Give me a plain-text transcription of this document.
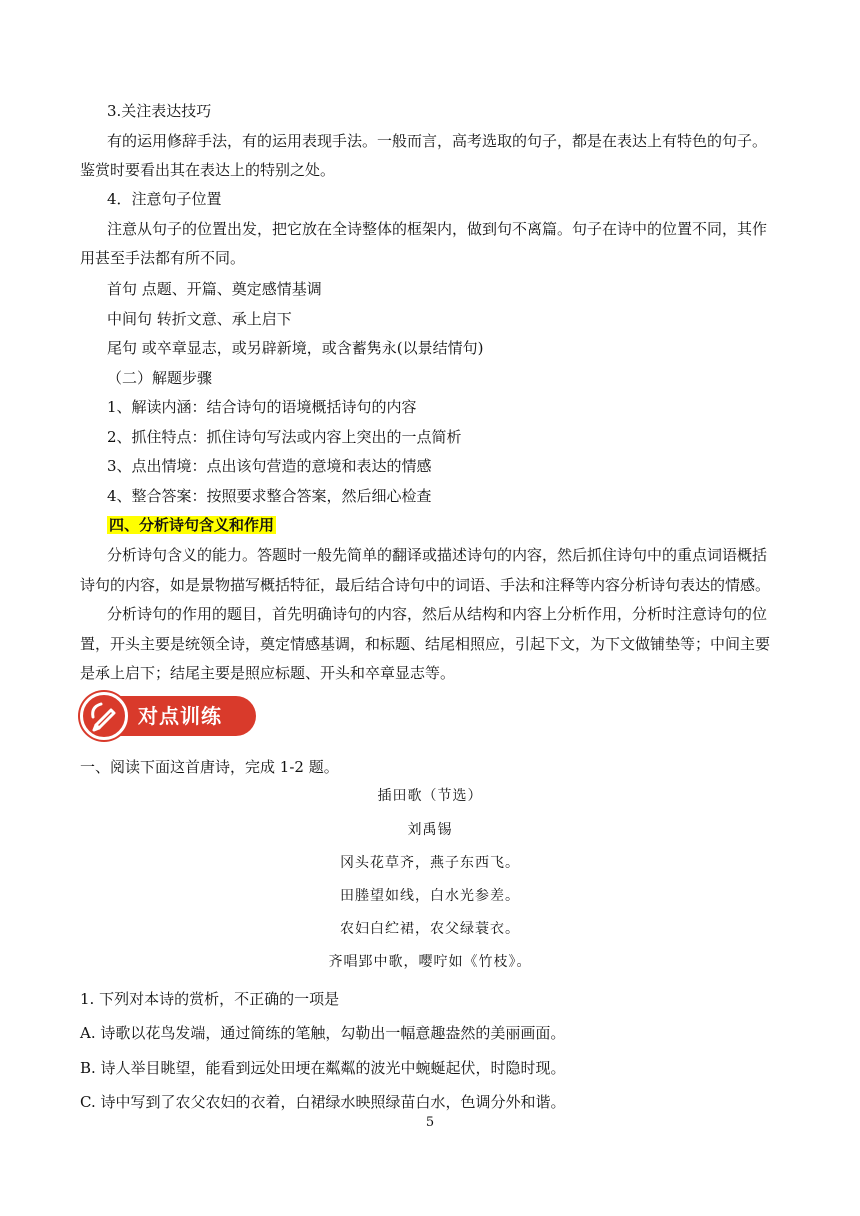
3.关注表达技巧
有的运用修辞手法，有的运用表现手法。一般而言，高考选取的句子，都是在表达上有特色的句子。
鉴赏时要看出其在表达上的特别之处。
4．注意句子位置
注意从句子的位置出发，把它放在全诗整体的框架内，做到句不离篇。句子在诗中的位置不同，其作
用甚至手法都有所不同。
首句 点题、开篇、奠定感情基调
中间句 转折文意、承上启下
尾句 或卒章显志，或另辟新境，或含蓄隽永(以景结情句)
（二）解题步骤
1、解读内涵：结合诗句的语境概括诗句的内容
2、抓住特点：抓住诗句写法或内容上突出的一点简析
3、点出情境：点出该句营造的意境和表达的情感
4、整合答案：按照要求整合答案，然后细心检查
四、分析诗句含义和作用
分析诗句含义的能力。答题时一般先简单的翻译或描述诗句的内容，然后抓住诗句中的重点词语概括
诗句的内容，如是景物描写概括特征，最后结合诗句中的词语、手法和注释等内容分析诗句表达的情感。
分析诗句的作用的题目，首先明确诗句的内容，然后从结构和内容上分析作用，分析时注意诗句的位
置，开头主要是统领全诗，奠定情感基调，和标题、结尾相照应，引起下文，为下文做铺垫等；中间主要
是承上启下；结尾主要是照应标题、开头和卒章显志等。
对点训练
一、阅读下面这首唐诗，完成 1-2 题。
插田歌（节选）
刘禹锡
冈头花草齐，燕子东西飞。
田塍望如线，白水光参差。
农妇白纻裙，农父绿蓑衣。
齐唱郢中歌，嘤咛如《竹枝》。
1. 下列对本诗的赏析，不正确的一项是
A. 诗歌以花鸟发端，通过简练的笔触，勾勒出一幅意趣盎然的美丽画面。
B. 诗人举目眺望，能看到远处田埂在粼粼的波光中蜿蜒起伏，时隐时现。
C. 诗中写到了农父农妇的衣着，白裙绿水映照绿苗白水，色调分外和谐。
5
